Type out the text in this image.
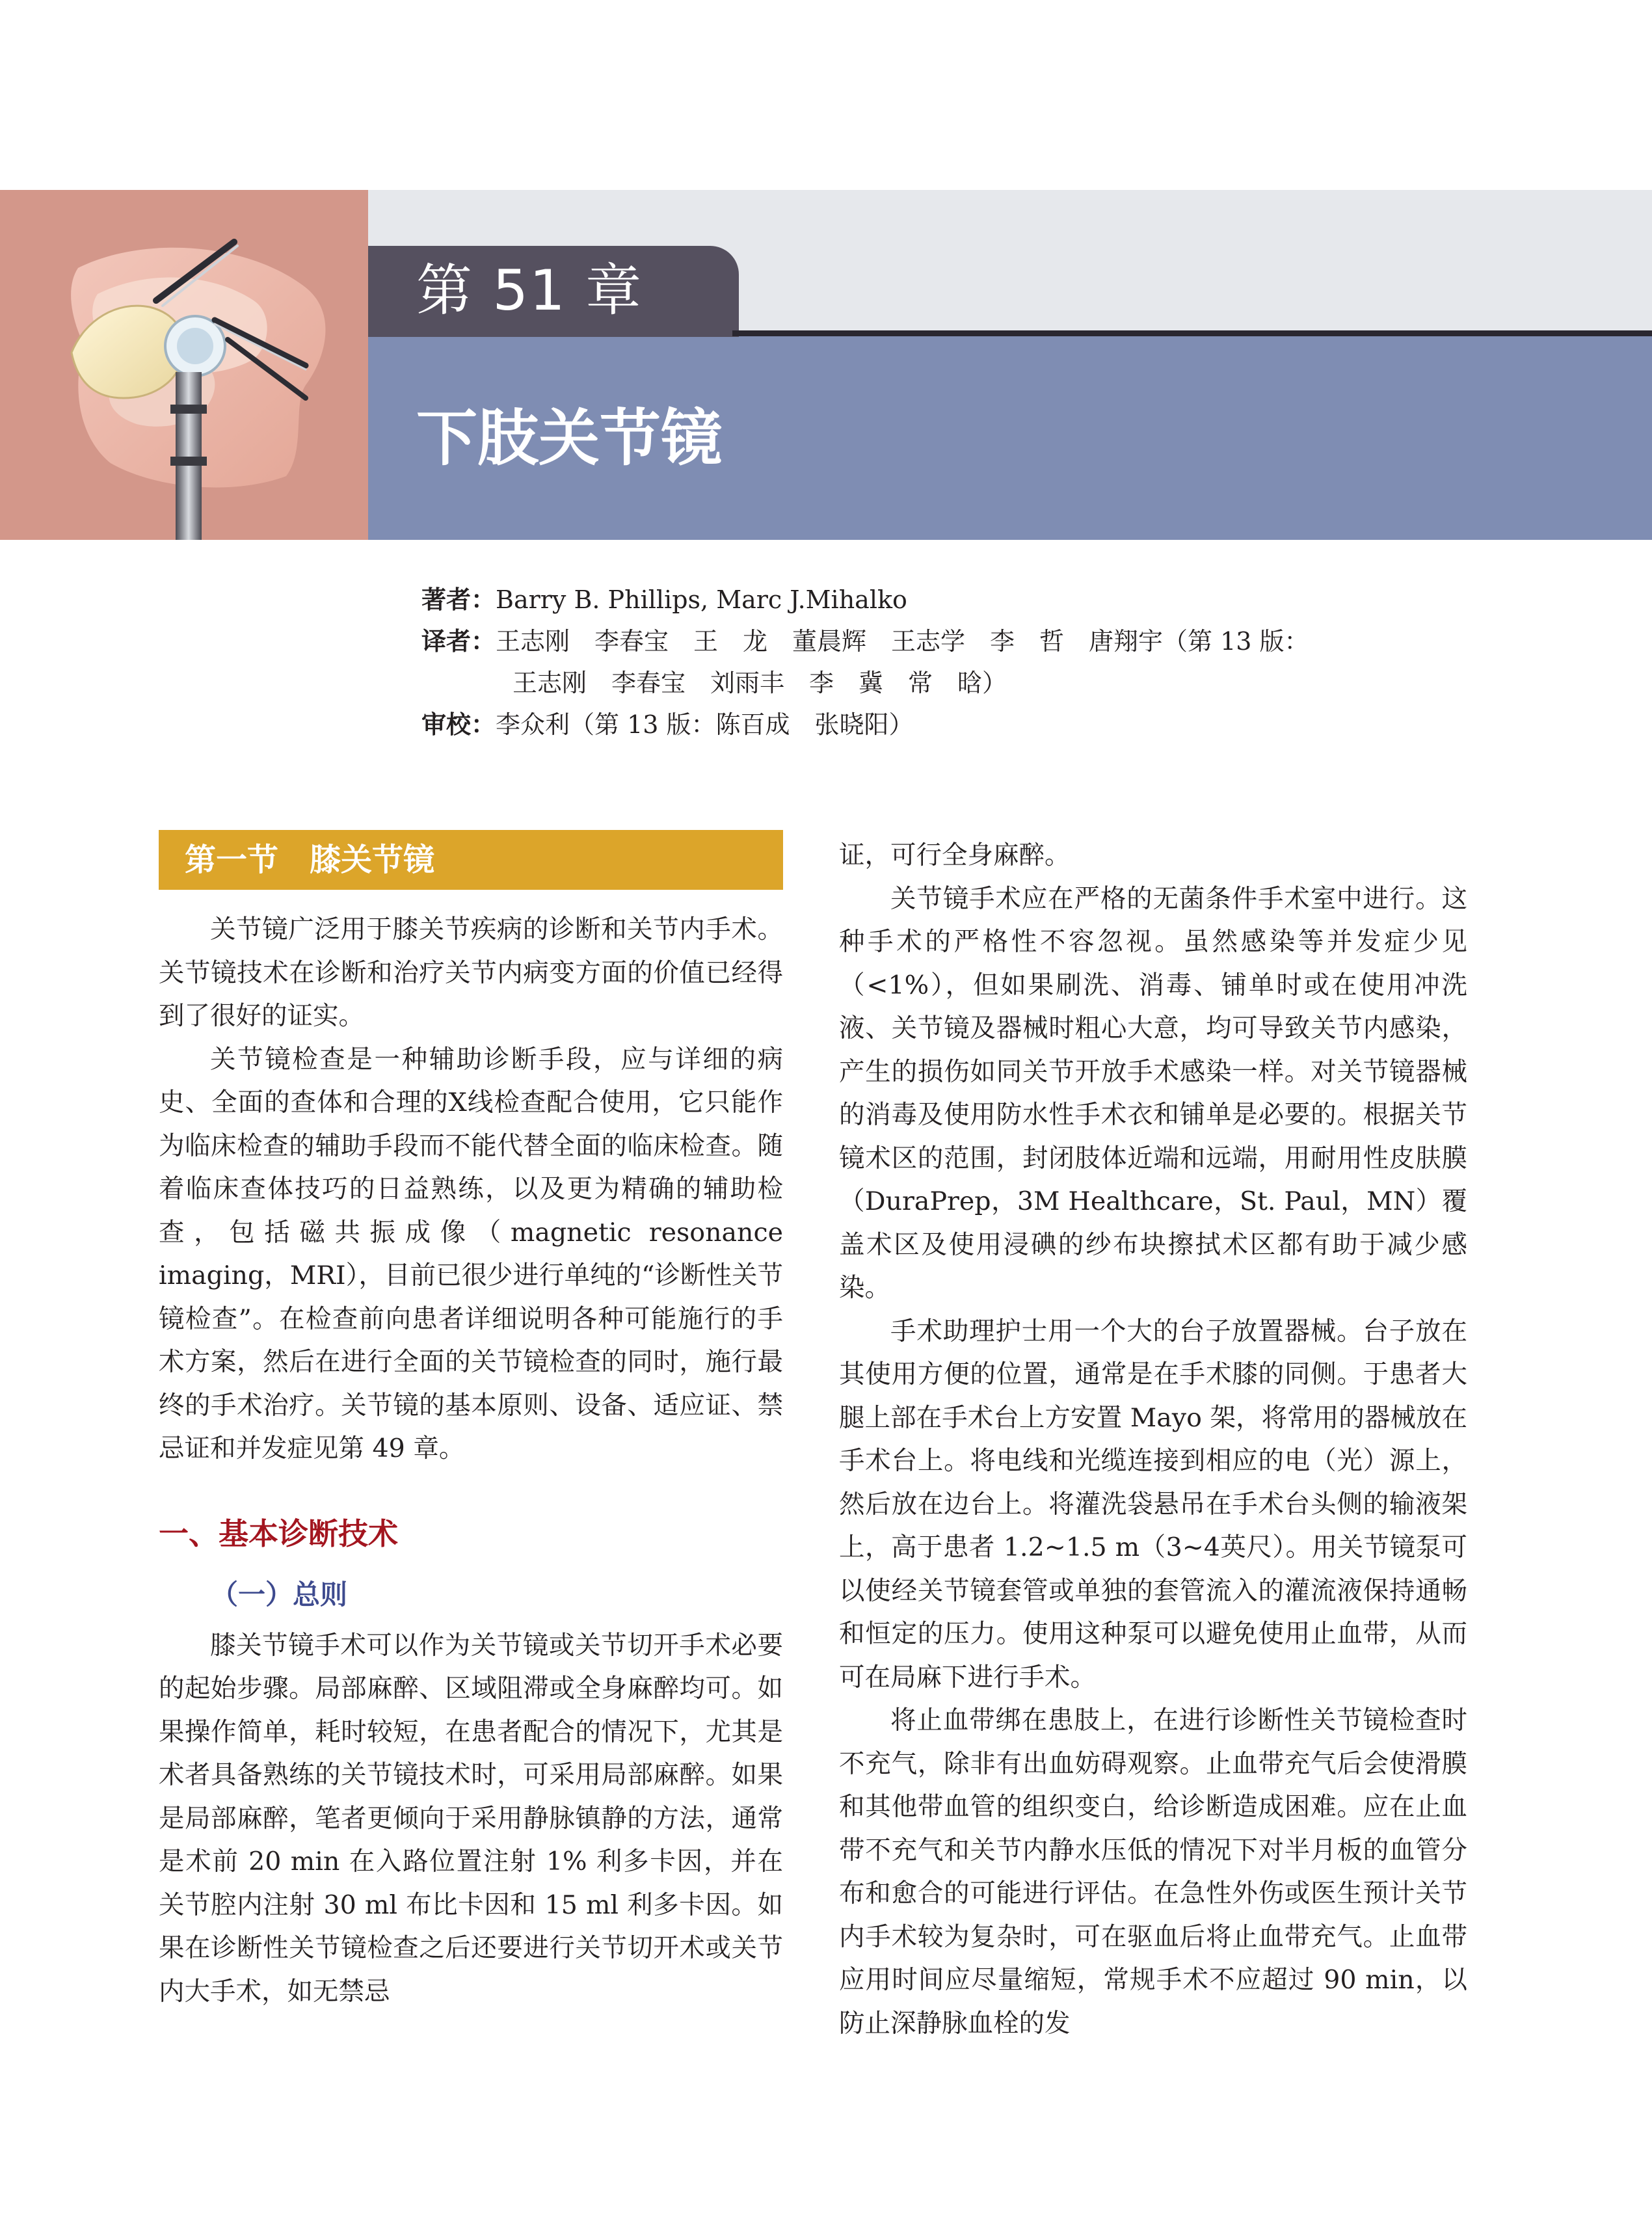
第 51 章
下肢关节镜
著者：Barry B. Phillips, Marc J.Mihalko
译者：王志刚　李春宝　王　龙　董晨辉　王志学　李　哲　唐翔宇（第 13 版：
王志刚　李春宝　刘雨丰　李　冀　常　晗）
审校：李众利（第 13 版：陈百成　张晓阳）
第一节　膝关节镜

关节镜广泛用于膝关节疾病的诊断和关节内手术。关节镜技术在诊断和治疗关节内病变方面的价值已经得到了很好的证实。

关节镜检查是一种辅助诊断手段，应与详细的病史、全面的查体和合理的X线检查配合使用，它只能作为临床检查的辅助手段而不能代替全面的临床检查。随着临床查体技巧的日益熟练，以及更为精确的辅助检查，包括磁共振成像（magnetic resonance imaging，MRI），目前已很少进行单纯的“诊断性关节镜检查”。在检查前向患者详细说明各种可能施行的手术方案，然后在进行全面的关节镜检查的同时，施行最终的手术治疗。关节镜的基本原则、设备、适应证、禁忌证和并发症见第 49 章。

一、基本诊断技术
（一）总则

膝关节镜手术可以作为关节镜或关节切开手术必要的起始步骤。局部麻醉、区域阻滞或全身麻醉均可。如果操作简单，耗时较短，在患者配合的情况下，尤其是术者具备熟练的关节镜技术时，可采用局部麻醉。如果是局部麻醉，笔者更倾向于采用静脉镇静的方法，通常是术前 20 min 在入路位置注射 1% 利多卡因，并在关节腔内注射 30 ml 布比卡因和 15 ml 利多卡因。如果在诊断性关节镜检查之后还要进行关节切开术或关节内大手术，如无禁忌

证，可行全身麻醉。

关节镜手术应在严格的无菌条件手术室中进行。这种手术的严格性不容忽视。虽然感染等并发症少见（<1%），但如果刷洗、消毒、铺单时或在使用冲洗液、关节镜及器械时粗心大意，均可导致关节内感染，产生的损伤如同关节开放手术感染一样。对关节镜器械的消毒及使用防水性手术衣和铺单是必要的。根据关节镜术区的范围，封闭肢体近端和远端，用耐用性皮肤膜（DuraPrep，3M Healthcare，St. Paul，MN）覆盖术区及使用浸碘的纱布块擦拭术区都有助于减少感染。

手术助理护士用一个大的台子放置器械。台子放在其使用方便的位置，通常是在手术膝的同侧。于患者大腿上部在手术台上方安置 Mayo 架，将常用的器械放在手术台上。将电线和光缆连接到相应的电（光）源上，然后放在边台上。将灌洗袋悬吊在手术台头侧的输液架上，高于患者 1.2~1.5 m（3~4英尺）。用关节镜泵可以使经关节镜套管或单独的套管流入的灌流液保持通畅和恒定的压力。使用这种泵可以避免使用止血带，从而可在局麻下进行手术。

将止血带绑在患肢上，在进行诊断性关节镜检查时不充气，除非有出血妨碍观察。止血带充气后会使滑膜和其他带血管的组织变白，给诊断造成困难。应在止血带不充气和关节内静水压低的情况下对半月板的血管分布和愈合的可能进行评估。在急性外伤或医生预计关节内手术较为复杂时，可在驱血后将止血带充气。止血带应用时间应尽量缩短，常规手术不应超过 90 min，以防止深静脉血栓的发
